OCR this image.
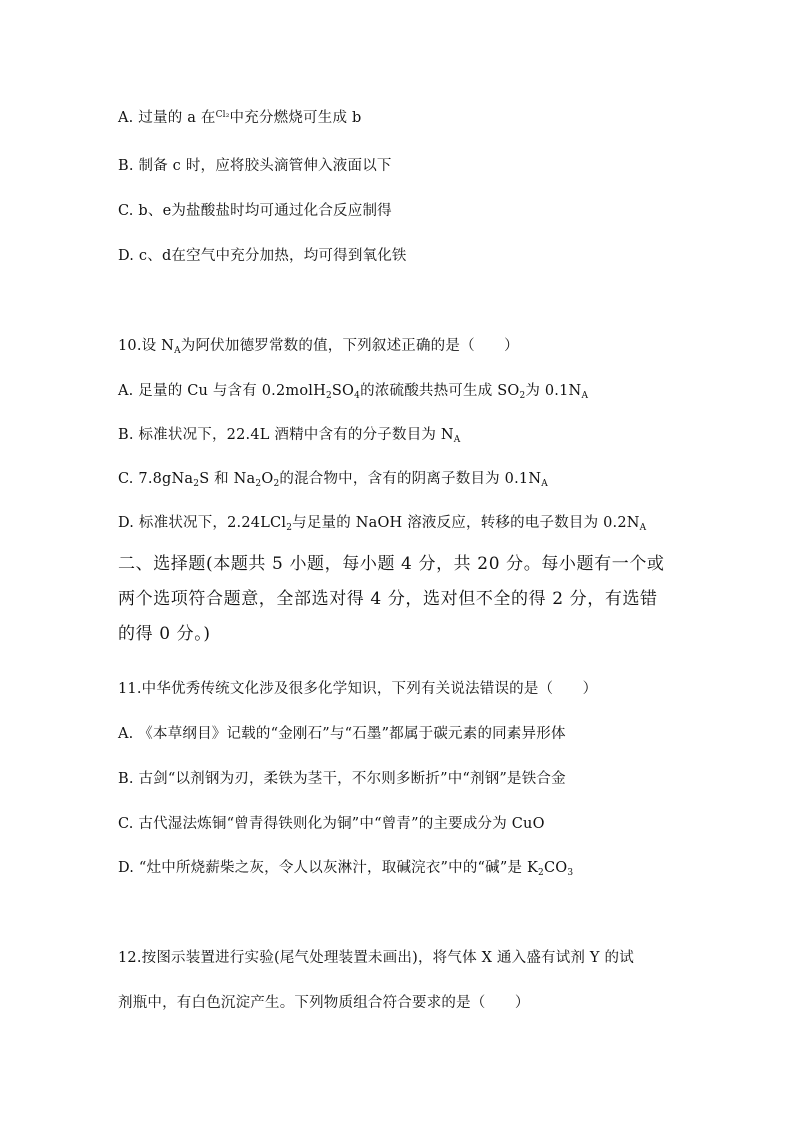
A. 过量的 a 在$^{Cl_2}$中充分燃烧可生成 b
B. 制备 c 时，应将胶头滴管伸入液面以下
C. b、e为盐酸盐时均可通过化合反应制得
D. c、d在空气中充分加热，均可得到氧化铁
10.设 $N_A$为阿伏加德罗常数的值，下列叙述正确的是（　　）
A. 足量的 Cu 与含有 $0.2molH_2SO_4$的浓硫酸共热可生成 $SO_2$为 $0.1N_A$
B. 标准状况下，22.4L 酒精中含有的分子数目为 $N_A$
C. 7.8gNa$_2$S 和 $Na_2O_2$的混合物中，含有的阴离子数目为 $0.1N_A$
D. 标准状况下，2.24LCl$_2$与足量的 NaOH 溶液反应，转移的电子数目为 $0.2N_A$
二、选择题(本题共 5 小题，每小题 4 分，共 20 分。每小题有一个或
两个选项符合题意，全部选对得 4 分，选对但不全的得 2 分，有选错
的得 0 分。)
11.中华优秀传统文化涉及很多化学知识，下列有关说法错误的是（　　）
A. 《本草纲目》记载的“金刚石”与“石墨”都属于碳元素的同素异形体
B. 古剑“以剂钢为刃，柔铁为茎干，不尔则多断折”中“剂钢”是铁合金
C. 古代湿法炼铜“曾青得铁则化为铜”中“曾青”的主要成分为 CuO
D. “灶中所烧薪柴之灰，令人以灰淋汁，取碱浣衣”中的“碱”是 $K_2CO_3$
12.按图示装置进行实验(尾气处理装置未画出)，将气体 X 通入盛有试剂 Y 的试
剂瓶中，有白色沉淀产生。下列物质组合符合要求的是（　　）
